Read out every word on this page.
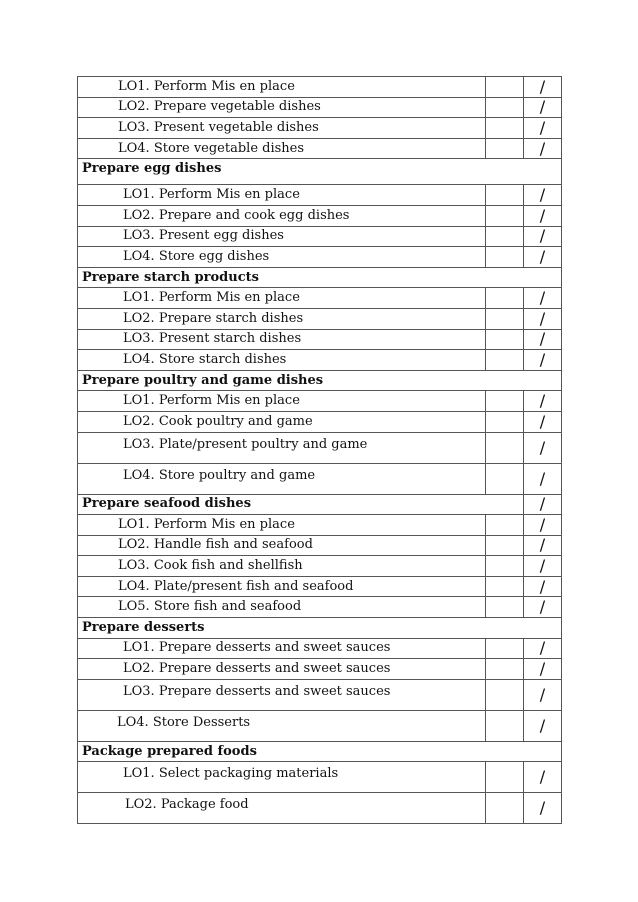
LO1. Perform Mis en place		/
LO2. Prepare vegetable dishes		/
LO3. Present vegetable dishes		/
LO4. Store vegetable dishes		/
Prepare egg dishes		
LO1. Perform Mis en place		/
LO2. Prepare and cook egg dishes		/
LO3. Present egg dishes		/
LO4. Store egg dishes		/
Prepare starch products		
LO1. Perform Mis en place		/
LO2. Prepare starch dishes		/
LO3. Present starch dishes		/
LO4. Store starch dishes		/
Prepare poultry and game dishes		
LO1. Perform Mis en place		/
LO2. Cook poultry and game		/
LO3. Plate/present poultry and game		/
LO4. Store poultry and game		/
Prepare seafood dishes		/
LO1. Perform Mis en place		/
LO2. Handle fish and seafood		/
LO3. Cook fish and shellfish		/
LO4. Plate/present fish and seafood		/
LO5. Store fish and seafood		/
Prepare desserts		
LO1. Prepare desserts and sweet sauces		/
LO2. Prepare desserts and sweet sauces		/
LO3. Prepare desserts and sweet sauces		/
LO4. Store Desserts		/
Package prepared foods		
LO1. Select packaging materials		/
LO2. Package food		/
